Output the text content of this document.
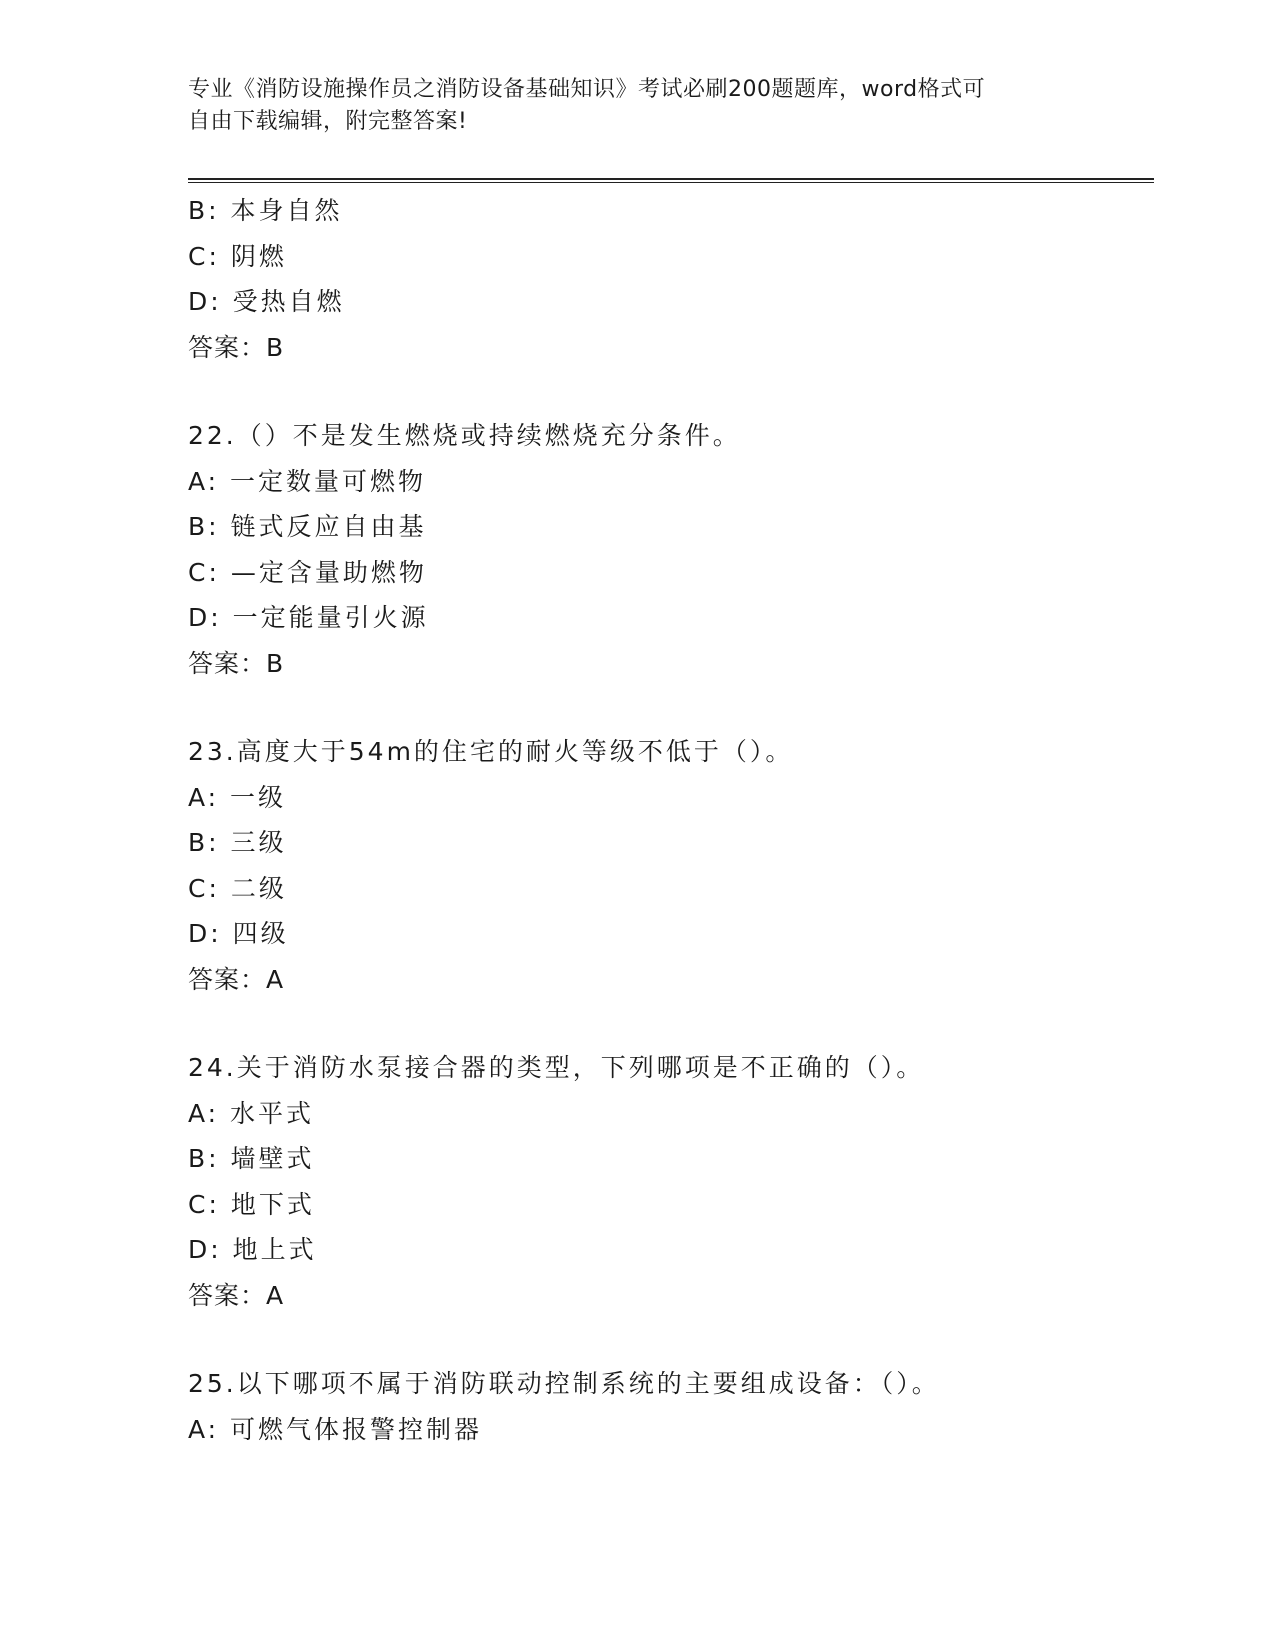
专业《消防设施操作员之消防设备基础知识》考试必刷200题题库，word格式可
自由下载编辑，附完整答案!
B: 本身自然
C: 阴燃
D: 受热自燃
答案：B
22.（）不是发生燃烧或持续燃烧充分条件。
A: 一定数量可燃物
B: 链式反应自由基
C: —定含量助燃物
D: 一定能量引火源
答案：B
23.高度大于54m的住宅的耐火等级不低于（）。
A: 一级
B: 三级
C: 二级
D: 四级
答案：A
24.关于消防水泵接合器的类型，下列哪项是不正确的（）。
A: 水平式
B: 墙壁式
C: 地下式
D: 地上式
答案：A
25.以下哪项不属于消防联动控制系统的主要组成设备：（）。
A: 可燃气体报警控制器
